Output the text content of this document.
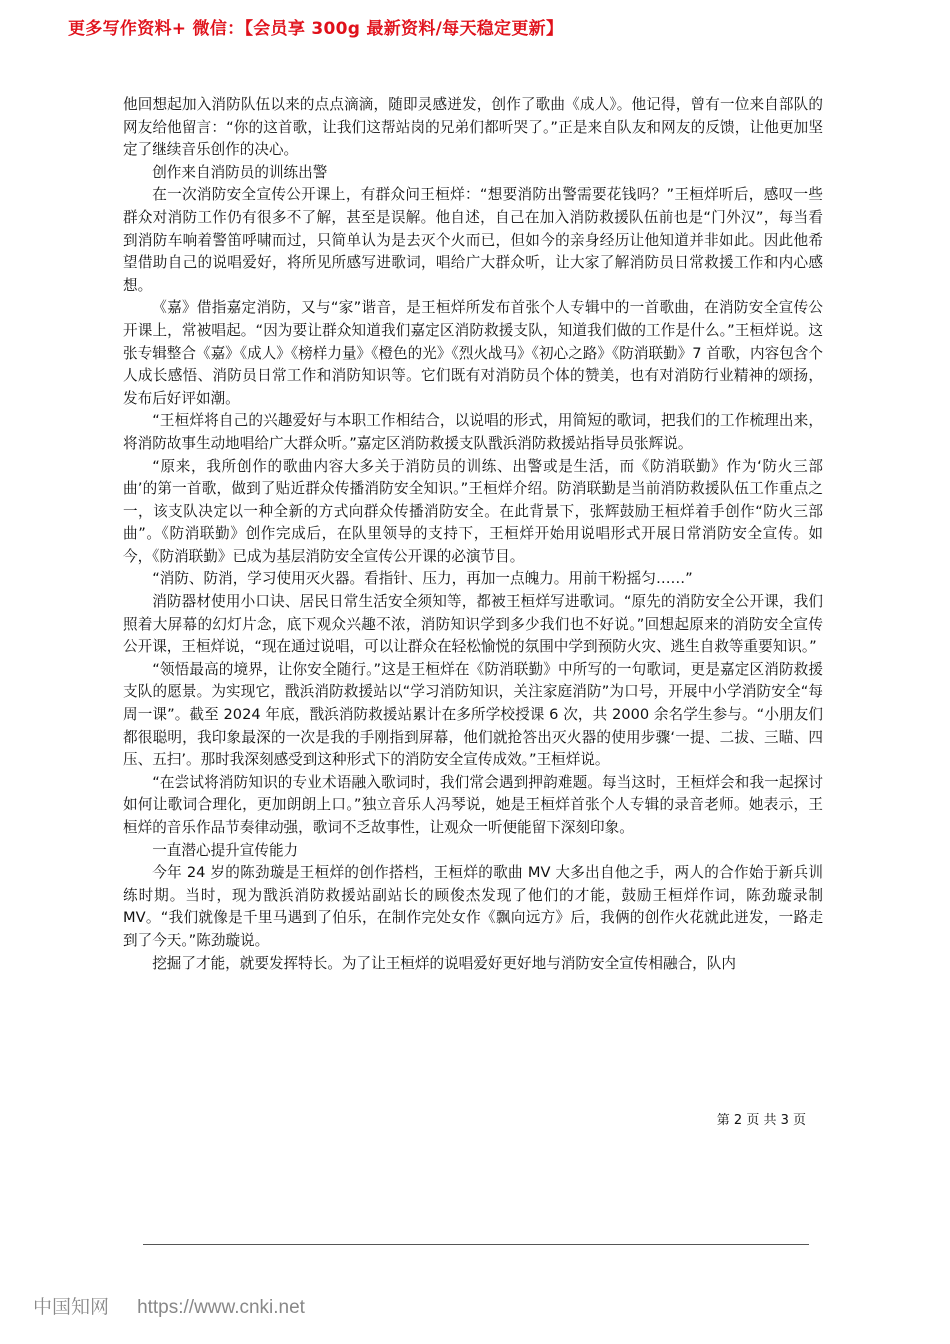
更多写作资料+ 微信：【会员享 300g 最新资料/每天稳定更新】

他回想起加入消防队伍以来的点点滴滴，随即灵感迸发，创作了歌曲《成人》。他记得，曾有一位来自部队的网友给他留言：“你的这首歌，让我们这帮站岗的兄弟们都听哭了。”正是来自队友和网友的反馈，让他更加坚定了继续音乐创作的决心。

创作来自消防员的训练出警

在一次消防安全宣传公开课上，有群众问王桓烊：“想要消防出警需要花钱吗？”王桓烊听后，感叹一些群众对消防工作仍有很多不了解，甚至是误解。他自述，自己在加入消防救援队伍前也是“门外汉”，每当看到消防车响着警笛呼啸而过，只简单认为是去灭个火而已，但如今的亲身经历让他知道并非如此。因此他希望借助自己的说唱爱好，将所见所感写进歌词，唱给广大群众听，让大家了解消防员日常救援工作和内心感想。

《嘉》借指嘉定消防，又与“家”谐音，是王桓烊所发布首张个人专辑中的一首歌曲，在消防安全宣传公开课上，常被唱起。“因为要让群众知道我们嘉定区消防救援支队，知道我们做的工作是什么。”王桓烊说。这张专辑整合《嘉》《成人》《榜样力量》《橙色的光》《烈火战马》《初心之路》《防消联勤》7 首歌，内容包含个人成长感悟、消防员日常工作和消防知识等。它们既有对消防员个体的赞美，也有对消防行业精神的颂扬，发布后好评如潮。

“王桓烊将自己的兴趣爱好与本职工作相结合，以说唱的形式，用简短的歌词，把我们的工作梳理出来，将消防故事生动地唱给广大群众听。”嘉定区消防救援支队戬浜消防救援站指导员张辉说。

“原来，我所创作的歌曲内容大多关于消防员的训练、出警或是生活，而《防消联勤》作为‘防火三部曲’的第一首歌，做到了贴近群众传播消防安全知识。”王桓烊介绍。防消联勤是当前消防救援队伍工作重点之一，该支队决定以一种全新的方式向群众传播消防安全。在此背景下，张辉鼓励王桓烊着手创作“防火三部曲”。《防消联勤》创作完成后，在队里领导的支持下，王桓烊开始用说唱形式开展日常消防安全宣传。如今，《防消联勤》已成为基层消防安全宣传公开课的必演节目。

“消防、防消，学习使用灭火器。看指针、压力，再加一点魄力。用前干粉摇匀……”

消防器材使用小口诀、居民日常生活安全须知等，都被王桓烊写进歌词。“原先的消防安全公开课，我们照着大屏幕的幻灯片念，底下观众兴趣不浓，消防知识学到多少我们也不好说。”回想起原来的消防安全宣传公开课，王桓烊说，“现在通过说唱，可以让群众在轻松愉悦的氛围中学到预防火灾、逃生自救等重要知识。”

“领悟最高的境界，让你安全随行。”这是王桓烊在《防消联勤》中所写的一句歌词，更是嘉定区消防救援支队的愿景。为实现它，戬浜消防救援站以“学习消防知识，关注家庭消防”为口号，开展中小学消防安全“每周一课”。截至 2024 年底，戬浜消防救援站累计在多所学校授课 6 次，共 2000 余名学生参与。“小朋友们都很聪明，我印象最深的一次是我的手刚指到屏幕，他们就抢答出灭火器的使用步骤‘一提、二拔、三瞄、四压、五扫’。那时我深刻感受到这种形式下的消防安全宣传成效。”王桓烊说。

“在尝试将消防知识的专业术语融入歌词时，我们常会遇到押韵难题。每当这时，王桓烊会和我一起探讨如何让歌词合理化，更加朗朗上口。”独立音乐人冯琴说，她是王桓烊首张个人专辑的录音老师。她表示，王桓烊的音乐作品节奏律动强，歌词不乏故事性，让观众一听便能留下深刻印象。

一直潜心提升宣传能力

今年 24 岁的陈劲璇是王桓烊的创作搭档，王桓烊的歌曲 MV 大多出自他之手，两人的合作始于新兵训练时期。当时，现为戬浜消防救援站副站长的顾俊杰发现了他们的才能，鼓励王桓烊作词，陈劲璇录制 MV。“我们就像是千里马遇到了伯乐，在制作完处女作《飘向远方》后，我俩的创作火花就此迸发，一路走到了今天。”陈劲璇说。

挖掘了才能，就要发挥特长。为了让王桓烊的说唱爱好更好地与消防安全宣传相融合，队内

第 2 页 共 3 页
中国知网 https://www.cnki.net
